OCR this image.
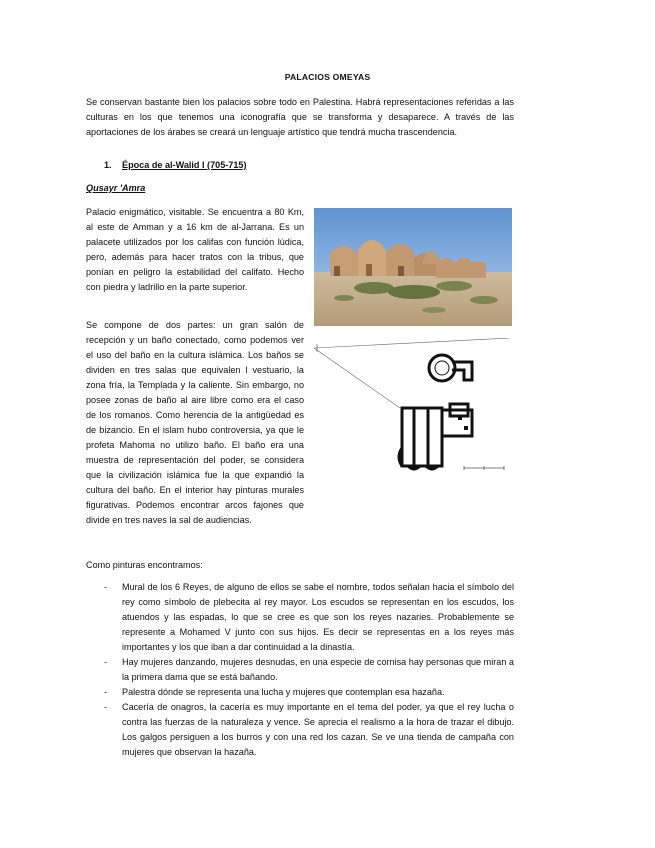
PALACIOS OMEYAS
Se conservan bastante bien los palacios sobre todo en Palestina. Habrá representaciones referidas a las culturas en los que tenemos una iconografía que se transforma y desaparece. A través de las aportaciones de los árabes se creará un lenguaje artístico que tendrá mucha trascendencia.
1. Época de al-Walid I (705-715)
Qusayr 'Amra
Palacio enigmático, visitable. Se encuentra a 80 Km, al este de Amman y a 16 km de al-Jarrana. Es un palacete utilizados por los califas con función lúdica, pero, además para hacer tratos con la tribus, que ponían en peligro la estabilidad del califato. Hecho con piedra y ladrillo en la parte superior.
Se compone de dos partes: un gran salón de recepción y un baño conectado, como podemos ver el uso del baño en la cultura islámica. Los baños se dividen en tres salas que equivalen l vestuario, la zona fría, la Templada y la caliente. Sin embargo, no posee zonas de baño al aire libre como era el caso de los romanos. Como herencia de la antigüedad es de bizancio. En el islam hubo controversia, ya que le profeta Mahoma no utilizo baño. El baño era una muestra de representación del poder, se considera que la civilización islámica fue la que expandió la cultura del baño. En el interior hay pinturas murales figurativas. Podemos encontrar arcos fajones que divide en tres naves la sal de audiencias.
Como pinturas encontramos:
- Mural de los 6 Reyes, de alguno de ellos se sabe el nombre, todos señalan hacia el símbolo del rey como símbolo de plebecita al rey mayor. Los escudos se representan en los escudos, los atuendos y las espadas, lo que se cree es que son los reyes nazaries. Probablemente se represente a Mohamed V junto con sus hijos. Es decir se representas en a los reyes más importantes y los que iban a dar continuidad a la dinastía.
- Hay mujeres danzando, mujeres desnudas, en una especie de cornisa hay personas que miran a la primera dama que se está bañando.
- Palestra dónde se representa una lucha y mujeres que contemplan esa hazaña.
- Cacería de onagros, la cacería es muy importante en el tema del poder, ya que el rey lucha o contra las fuerzas de la naturaleza y vence. Se aprecia el realismo a la hora de trazar el dibujo. Los galgos persiguen a los burros y con una red los cazan. Se ve una tienda de campaña con mujeres que observan la hazaña.
